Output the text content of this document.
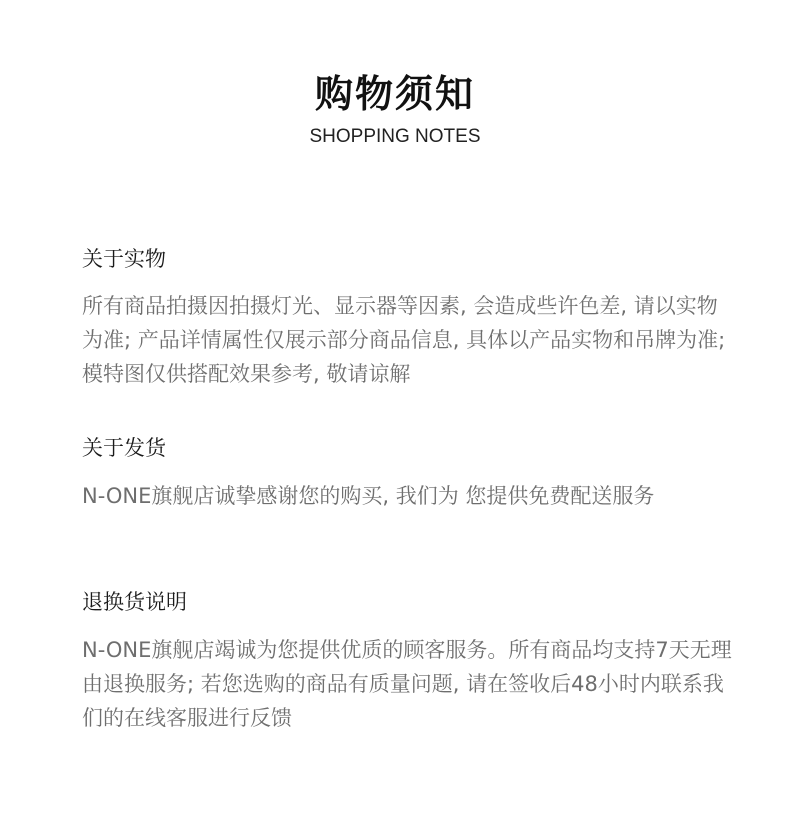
购物须知
SHOPPING NOTES
关于实物
所有商品拍摄因拍摄灯光、显示器等因素, 会造成些许色差, 请以实物为准; 产品详情属性仅展示部分商品信息, 具体以产品实物和吊牌为准; 模特图仅供搭配效果参考, 敬请谅解
关于发货
N-ONE旗舰店诚挚感谢您的购买, 我们为 您提供免费配送服务
退换货说明
N-ONE旗舰店竭诚为您提供优质的顾客服务。所有商品均支持7天无理由退换服务; 若您选购的商品有质量问题, 请在签收后48小时内联系我们的在线客服进行反馈
